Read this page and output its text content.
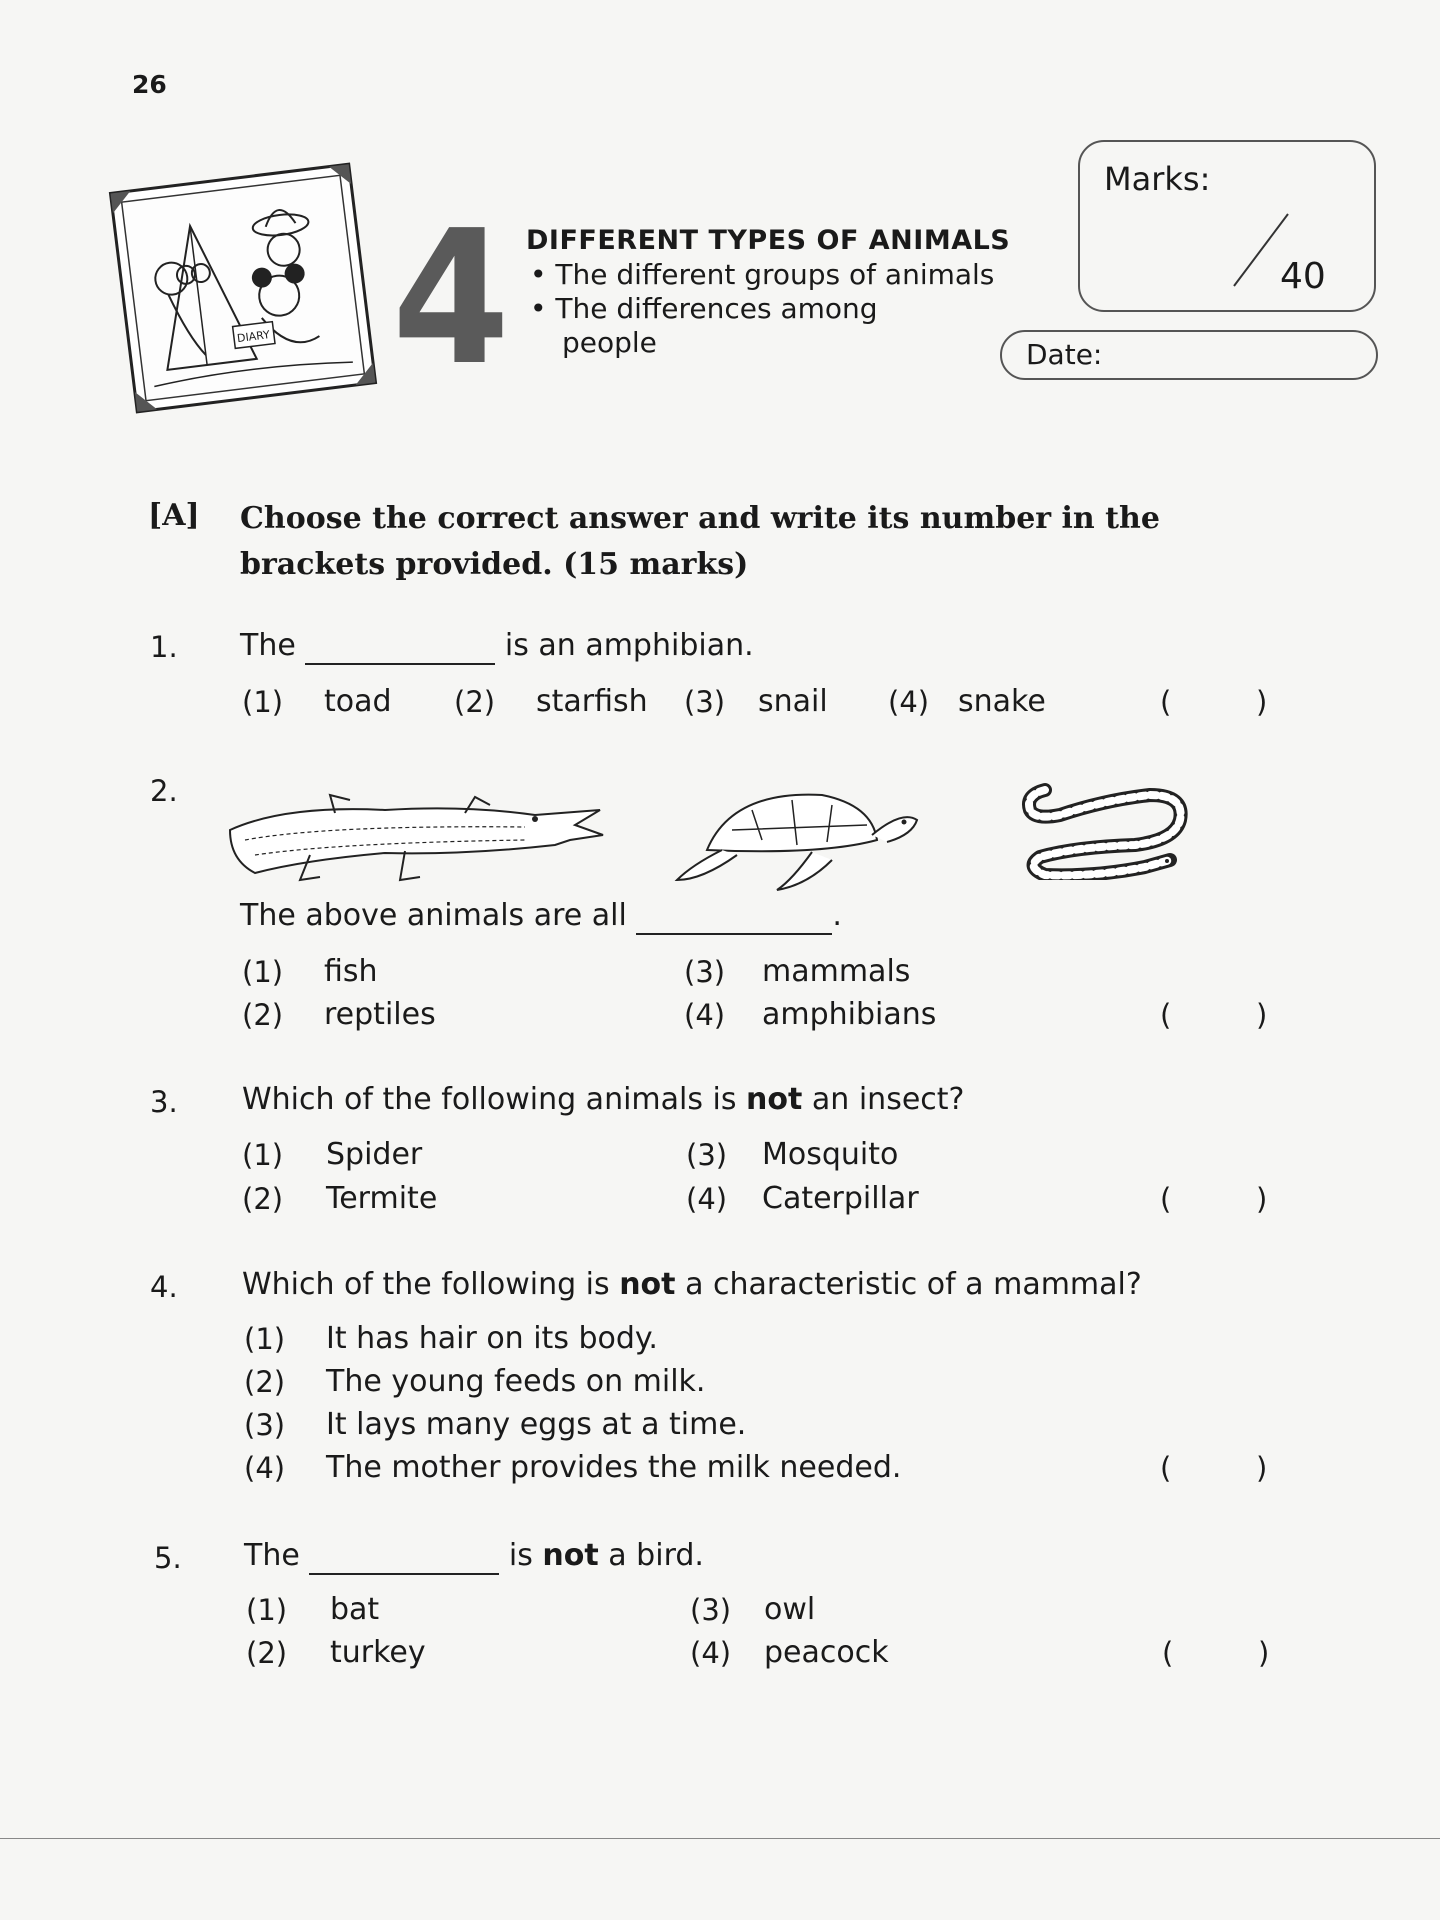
26
DIARY 4 DIFFERENT TYPES OF ANIMALS
• The different groups of animals
• The differences among
people
Marks:
40
Date:
[A] Choose the correct answer and write its number in the
brackets provided. (15 marks)
1. The	is an amphibian.
(1) toad (2) starfish (3) snail (4) snake	(	)
2.
The above animals are all	.
(1) fish
(2) reptiles
(3) mammals
(4) amphibians	(	)
3. Which of the following animals is not an insect?
(1) Spider
(2) Termite
(3) Mosquito
(4) Caterpillar	(	)
4. Which of the following is not a characteristic of a mammal?
(1) It has hair on its body.
(2) The young feeds on milk.
(3) It lays many eggs at a time.
(4) The mother provides the milk needed.	(	)
5. The	is not a bird.
(1) bat
(2) turkey
(3) owl
(4) peacock	(	)
